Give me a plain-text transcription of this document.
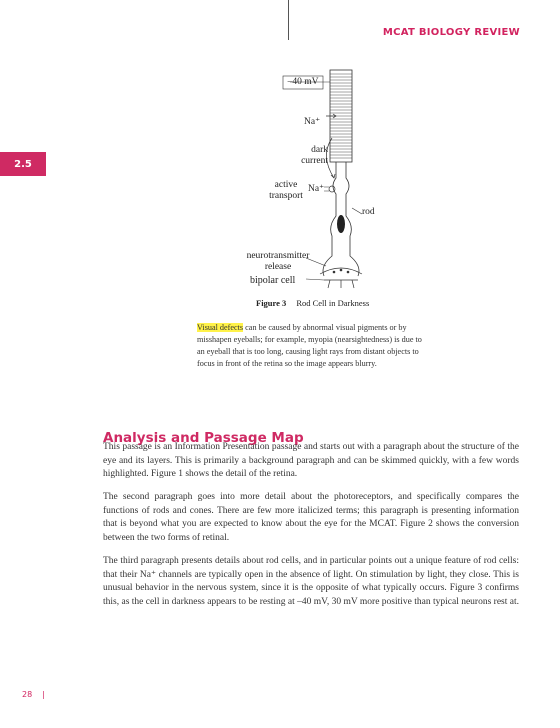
MCAT BIOLOGY REVIEW
2.5
–40 mV
Na⁺
dark current
active transport
Na⁺
rod
neurotransmitter release
bipolar cell
Figure 3 Rod Cell in Darkness
Visual defects can be caused by abnormal visual pigments or by misshapen eyeballs; for example, myopia (nearsightedness) is due to an eyeball that is too long, causing light rays from distant objects to focus in front of the retina so the image appears blurry.
Analysis and Passage Map

This passage is an Information Presentation passage and starts out with a paragraph about the structure of the eye and its layers. This is primarily a background paragraph and can be skimmed quickly, with a few words highlighted. Figure 1 shows the detail of the retina.

The second paragraph goes into more detail about the photoreceptors, and specifically compares the functions of rods and cones. There are few more italicized terms; this paragraph is presenting information that is beyond what you are expected to know about the eye for the MCAT. Figure 2 shows the conversion between the two forms of retinal.

The third paragraph presents details about rod cells, and in particular points out a unique feature of rod cells: that their Na⁺ channels are typically open in the absence of light. On stimulation by light, they close. This is unusual behavior in the nervous system, since it is the opposite of what typically occurs. Figure 3 confirms this, as the cell in darkness appears to be resting at –40 mV, 30 mV more positive than typical neurons rest at.

28 |
